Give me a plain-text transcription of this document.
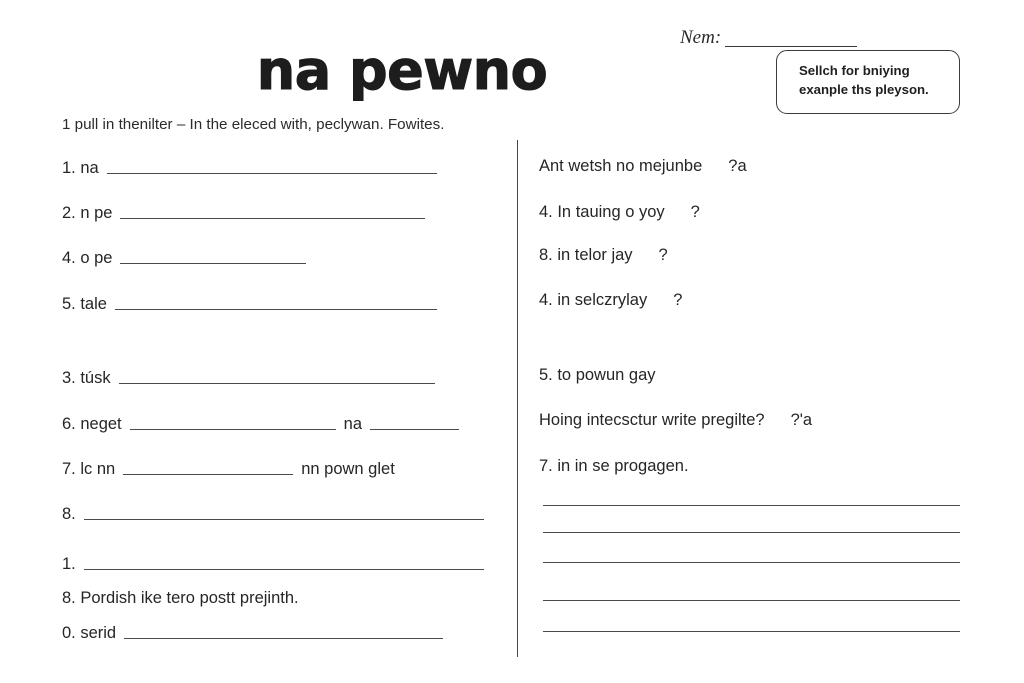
na pewno
Nem:
Sellch for bniying
exanple ths pleyson.
1 pull in thenilter – In the eleced with, peclywan. Fowites.
1. na
2. n pe
4. o pe
5. tale
3. túsk
6. neget	na
7. lc nn	nn pown glet
8.
1.
8. Pordish ike tero postt prejinth.
0. serid
Ant wetsh no mejunbe ?a
4. In tauing o yoy ?
8. in telor jay ?
4. in selczrylay ?
5. to powun gay
Hoing intecsctur write pregilte? ?'a
7. in in se progagen.
